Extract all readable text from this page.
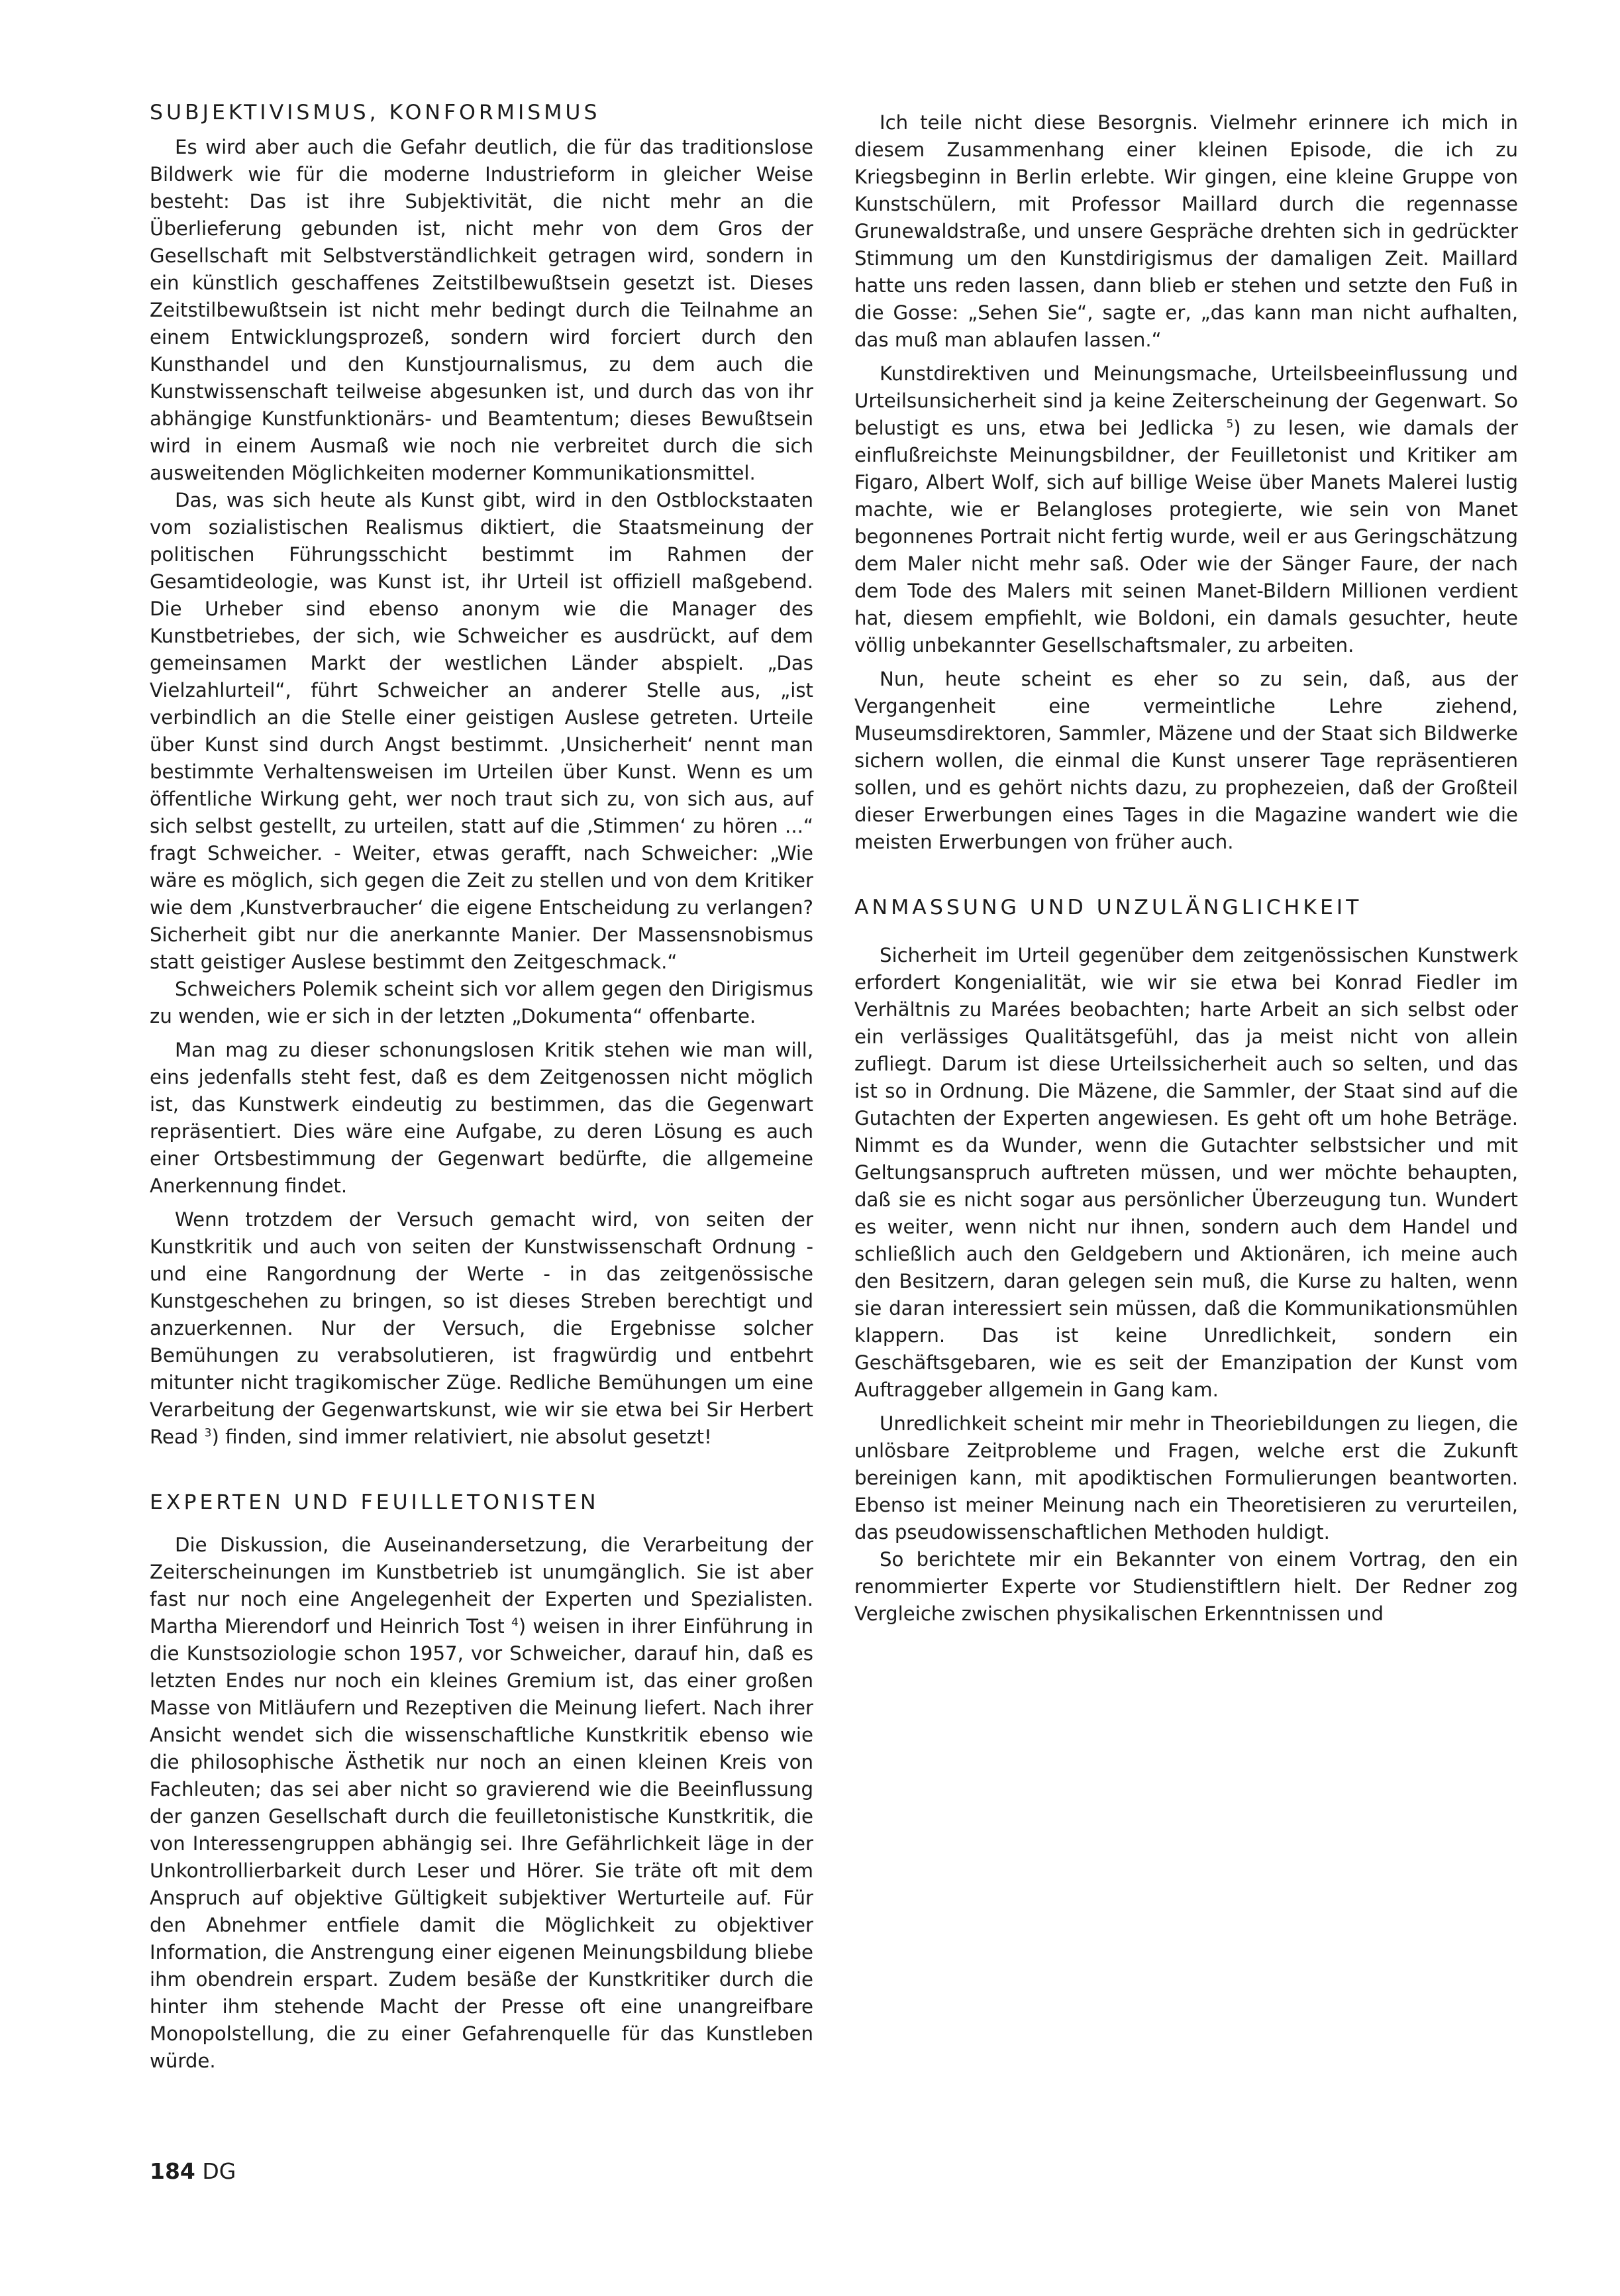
SUBJEKTIVISMUS, KONFORMISMUS

Es wird aber auch die Gefahr deutlich, die für das traditionslose Bildwerk wie für die moderne Industrieform in gleicher Weise besteht: Das ist ihre Subjektivität, die nicht mehr an die Überlieferung gebunden ist, nicht mehr von dem Gros der Gesellschaft mit Selbstverständlichkeit getragen wird, sondern in ein künstlich geschaffenes Zeitstilbewußtsein gesetzt ist. Dieses Zeitstilbewußtsein ist nicht mehr bedingt durch die Teilnahme an einem Entwicklungsprozeß, sondern wird forciert durch den Kunsthandel und den Kunstjournalismus, zu dem auch die Kunstwissenschaft teilweise abgesunken ist, und durch das von ihr abhängige Kunstfunktionärs- und Beamtentum; dieses Bewußtsein wird in einem Ausmaß wie noch nie verbreitet durch die sich ausweitenden Möglichkeiten moderner Kommunikationsmittel.

Das, was sich heute als Kunst gibt, wird in den Ostblockstaaten vom sozialistischen Realismus diktiert, die Staatsmeinung der politischen Führungsschicht bestimmt im Rahmen der Gesamtideologie, was Kunst ist, ihr Urteil ist offiziell maßgebend. Die Urheber sind ebenso anonym wie die Manager des Kunstbetriebes, der sich, wie Schweicher es ausdrückt, auf dem gemeinsamen Markt der westlichen Länder abspielt. „Das Vielzahlurteil“, führt Schweicher an anderer Stelle aus, „ist verbindlich an die Stelle einer geistigen Auslese getreten. Urteile über Kunst sind durch Angst bestimmt. ‚Unsicherheit‘ nennt man bestimmte Verhaltensweisen im Urteilen über Kunst. Wenn es um öffentliche Wirkung geht, wer noch traut sich zu, von sich aus, auf sich selbst gestellt, zu urteilen, statt auf die ‚Stimmen‘ zu hören ...“ fragt Schweicher. - Weiter, etwas gerafft, nach Schweicher: „Wie wäre es möglich, sich gegen die Zeit zu stellen und von dem Kritiker wie dem ‚Kunstverbraucher‘ die eigene Entscheidung zu verlangen? Sicherheit gibt nur die anerkannte Manier. Der Massensnobismus statt geistiger Auslese bestimmt den Zeitgeschmack.“

Schweichers Polemik scheint sich vor allem gegen den Dirigismus zu wenden, wie er sich in der letzten „Dokumenta“ offenbarte.

Man mag zu dieser schonungslosen Kritik stehen wie man will, eins jedenfalls steht fest, daß es dem Zeitgenossen nicht möglich ist, das Kunstwerk eindeutig zu bestimmen, das die Gegenwart repräsentiert. Dies wäre eine Aufgabe, zu deren Lösung es auch einer Ortsbestimmung der Gegenwart bedürfte, die allgemeine Anerkennung findet.

Wenn trotzdem der Versuch gemacht wird, von seiten der Kunstkritik und auch von seiten der Kunstwissenschaft Ordnung - und eine Rangordnung der Werte - in das zeitgenössische Kunstgeschehen zu bringen, so ist dieses Streben berechtigt und anzuerkennen. Nur der Versuch, die Ergebnisse solcher Bemühungen zu verabsolutieren, ist fragwürdig und entbehrt mitunter nicht tragikomischer Züge. Redliche Bemühungen um eine Verarbeitung der Gegenwartskunst, wie wir sie etwa bei Sir Herbert Read $^3$) finden, sind immer relativiert, nie absolut gesetzt!

EXPERTEN UND FEUILLETONISTEN

Die Diskussion, die Auseinandersetzung, die Verarbeitung der Zeiterscheinungen im Kunstbetrieb ist unumgänglich. Sie ist aber fast nur noch eine Angelegenheit der Experten und Spezialisten. Martha Mierendorf und Heinrich Tost $^4$) weisen in ihrer Einführung in die Kunstsoziologie schon 1957, vor Schweicher, darauf hin, daß es letzten Endes nur noch ein kleines Gremium ist, das einer großen Masse von Mitläufern und Rezeptiven die Meinung liefert. Nach ihrer Ansicht wendet sich die wissenschaftliche Kunstkritik ebenso wie die philosophische Ästhetik nur noch an einen kleinen Kreis von Fachleuten; das sei aber nicht so gravierend wie die Beeinflussung der ganzen Gesellschaft durch die feuilletonistische Kunstkritik, die von Interessengruppen abhängig sei. Ihre Gefährlichkeit läge in der Unkontrollierbarkeit durch Leser und Hörer. Sie träte oft mit dem Anspruch auf objektive Gültigkeit subjektiver Werturteile auf. Für den Abnehmer entfiele damit die Möglichkeit zu objektiver Information, die Anstrengung einer eigenen Meinungsbildung bliebe ihm obendrein erspart. Zudem besäße der Kunstkritiker durch die hinter ihm stehende Macht der Presse oft eine unangreifbare Monopolstellung, die zu einer Gefahrenquelle für das Kunstleben würde.

Ich teile nicht diese Besorgnis. Vielmehr erinnere ich mich in diesem Zusammenhang einer kleinen Episode, die ich zu Kriegsbeginn in Berlin erlebte. Wir gingen, eine kleine Gruppe von Kunstschülern, mit Professor Maillard durch die regennasse Grunewaldstraße, und unsere Gespräche drehten sich in gedrückter Stimmung um den Kunstdirigismus der damaligen Zeit. Maillard hatte uns reden lassen, dann blieb er stehen und setzte den Fuß in die Gosse: „Sehen Sie“, sagte er, „das kann man nicht aufhalten, das muß man ablaufen lassen.“

Kunstdirektiven und Meinungsmache, Urteilsbeeinflussung und Urteilsunsicherheit sind ja keine Zeiterscheinung der Gegenwart. So belustigt es uns, etwa bei Jedlicka $^5$) zu lesen, wie damals der einflußreichste Meinungsbildner, der Feuilletonist und Kritiker am Figaro, Albert Wolf, sich auf billige Weise über Manets Malerei lustig machte, wie er Belangloses protegierte, wie sein von Manet begonnenes Portrait nicht fertig wurde, weil er aus Geringschätzung dem Maler nicht mehr saß. Oder wie der Sänger Faure, der nach dem Tode des Malers mit seinen Manet-Bildern Millionen verdient hat, diesem empfiehlt, wie Boldoni, ein damals gesuchter, heute völlig unbekannter Gesellschaftsmaler, zu arbeiten.

Nun, heute scheint es eher so zu sein, daß, aus der Vergangenheit eine vermeintliche Lehre ziehend, Museumsdirektoren, Sammler, Mäzene und der Staat sich Bildwerke sichern wollen, die einmal die Kunst unserer Tage repräsentieren sollen, und es gehört nichts dazu, zu prophezeien, daß der Großteil dieser Erwerbungen eines Tages in die Magazine wandert wie die meisten Erwerbungen von früher auch.

ANMASSUNG UND UNZULÄNGLICHKEIT

Sicherheit im Urteil gegenüber dem zeitgenössischen Kunstwerk erfordert Kongenialität, wie wir sie etwa bei Konrad Fiedler im Verhältnis zu Marées beobachten; harte Arbeit an sich selbst oder ein verlässiges Qualitätsgefühl, das ja meist nicht von allein zufliegt. Darum ist diese Urteilssicherheit auch so selten, und das ist so in Ordnung. Die Mäzene, die Sammler, der Staat sind auf die Gutachten der Experten angewiesen. Es geht oft um hohe Beträge. Nimmt es da Wunder, wenn die Gutachter selbstsicher und mit Geltungsanspruch auftreten müssen, und wer möchte behaupten, daß sie es nicht sogar aus persönlicher Überzeugung tun. Wundert es weiter, wenn nicht nur ihnen, sondern auch dem Handel und schließlich auch den Geldgebern und Aktionären, ich meine auch den Besitzern, daran gelegen sein muß, die Kurse zu halten, wenn sie daran interessiert sein müssen, daß die Kommunikationsmühlen klappern. Das ist keine Unredlichkeit, sondern ein Geschäftsgebaren, wie es seit der Emanzipation der Kunst vom Auftraggeber allgemein in Gang kam.

Unredlichkeit scheint mir mehr in Theoriebildungen zu liegen, die unlösbare Zeitprobleme und Fragen, welche erst die Zukunft bereinigen kann, mit apodiktischen Formulierungen beantworten. Ebenso ist meiner Meinung nach ein Theoretisieren zu verurteilen, das pseudowissenschaftlichen Methoden huldigt.

So berichtete mir ein Bekannter von einem Vortrag, den ein renommierter Experte vor Studienstiftlern hielt. Der Redner zog Vergleiche zwischen physikalischen Erkenntnissen und

184 DG
